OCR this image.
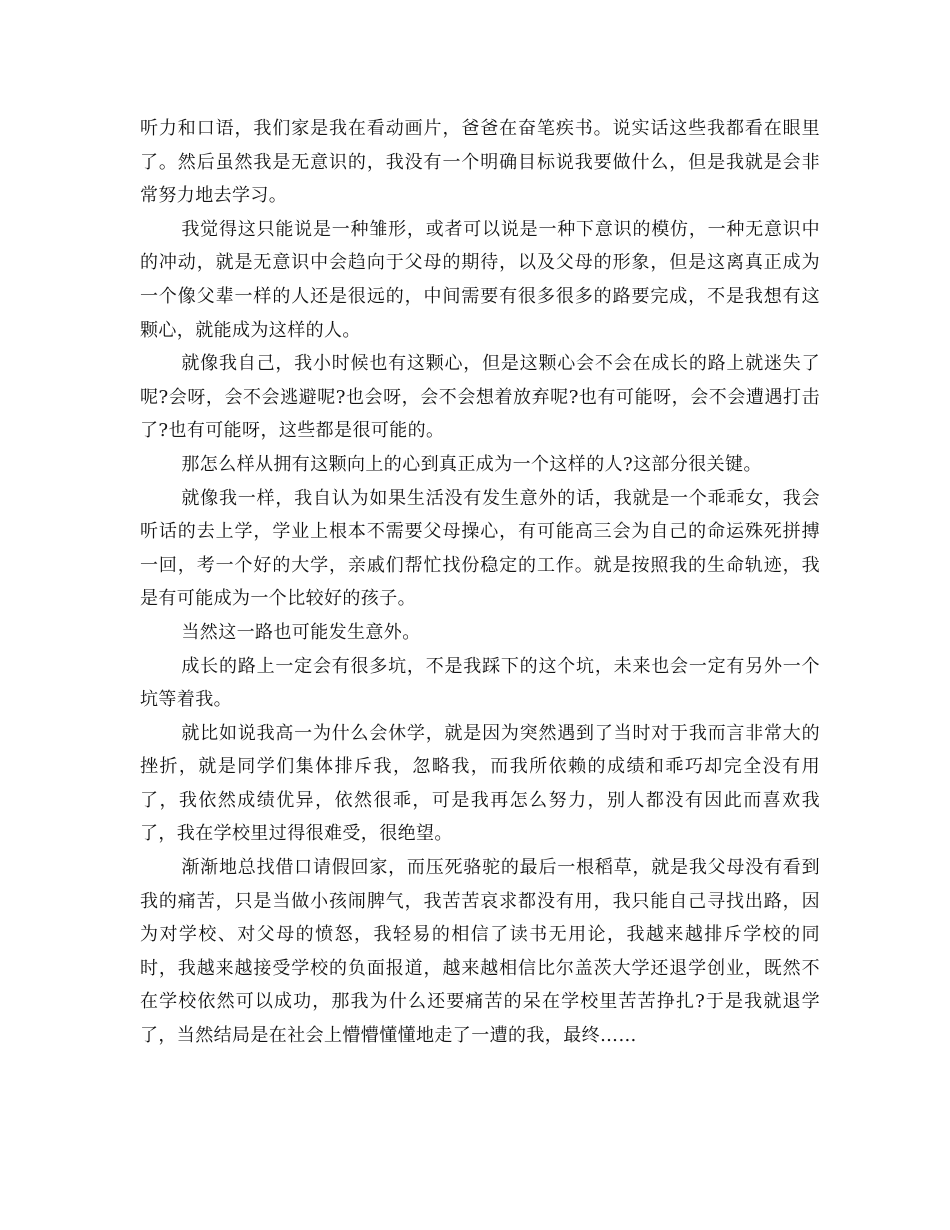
听力和口语，我们家是我在看动画片，爸爸在奋笔疾书。说实话这些我都看在眼里了。然后虽然我是无意识的，我没有一个明确目标说我要做什么，但是我就是会非常努力地去学习。

我觉得这只能说是一种雏形，或者可以说是一种下意识的模仿，一种无意识中的冲动，就是无意识中会趋向于父母的期待，以及父母的形象，但是这离真正成为一个像父辈一样的人还是很远的，中间需要有很多很多的路要完成，不是我想有这颗心，就能成为这样的人。

就像我自己，我小时候也有这颗心，但是这颗心会不会在成长的路上就迷失了呢?会呀，会不会逃避呢?也会呀，会不会想着放弃呢?也有可能呀，会不会遭遇打击了?也有可能呀，这些都是很可能的。

那怎么样从拥有这颗向上的心到真正成为一个这样的人?这部分很关键。

就像我一样，我自认为如果生活没有发生意外的话，我就是一个乖乖女，我会听话的去上学，学业上根本不需要父母操心，有可能高三会为自己的命运殊死拼搏一回，考一个好的大学，亲戚们帮忙找份稳定的工作。就是按照我的生命轨迹，我是有可能成为一个比较好的孩子。

当然这一路也可能发生意外。

成长的路上一定会有很多坑，不是我踩下的这个坑，未来也会一定有另外一个坑等着我。

就比如说我高一为什么会休学，就是因为突然遇到了当时对于我而言非常大的挫折，就是同学们集体排斥我，忽略我，而我所依赖的成绩和乖巧却完全没有用了，我依然成绩优异，依然很乖，可是我再怎么努力，别人都没有因此而喜欢我了，我在学校里过得很难受，很绝望。

渐渐地总找借口请假回家，而压死骆驼的最后一根稻草，就是我父母没有看到我的痛苦，只是当做小孩闹脾气，我苦苦哀求都没有用，我只能自己寻找出路，因为对学校、对父母的愤怒，我轻易的相信了读书无用论，我越来越排斥学校的同时，我越来越接受学校的负面报道，越来越相信比尔盖茨大学还退学创业，既然不在学校依然可以成功，那我为什么还要痛苦的呆在学校里苦苦挣扎?于是我就退学了，当然结局是在社会上懵懵懂懂地走了一遭的我，最终……
